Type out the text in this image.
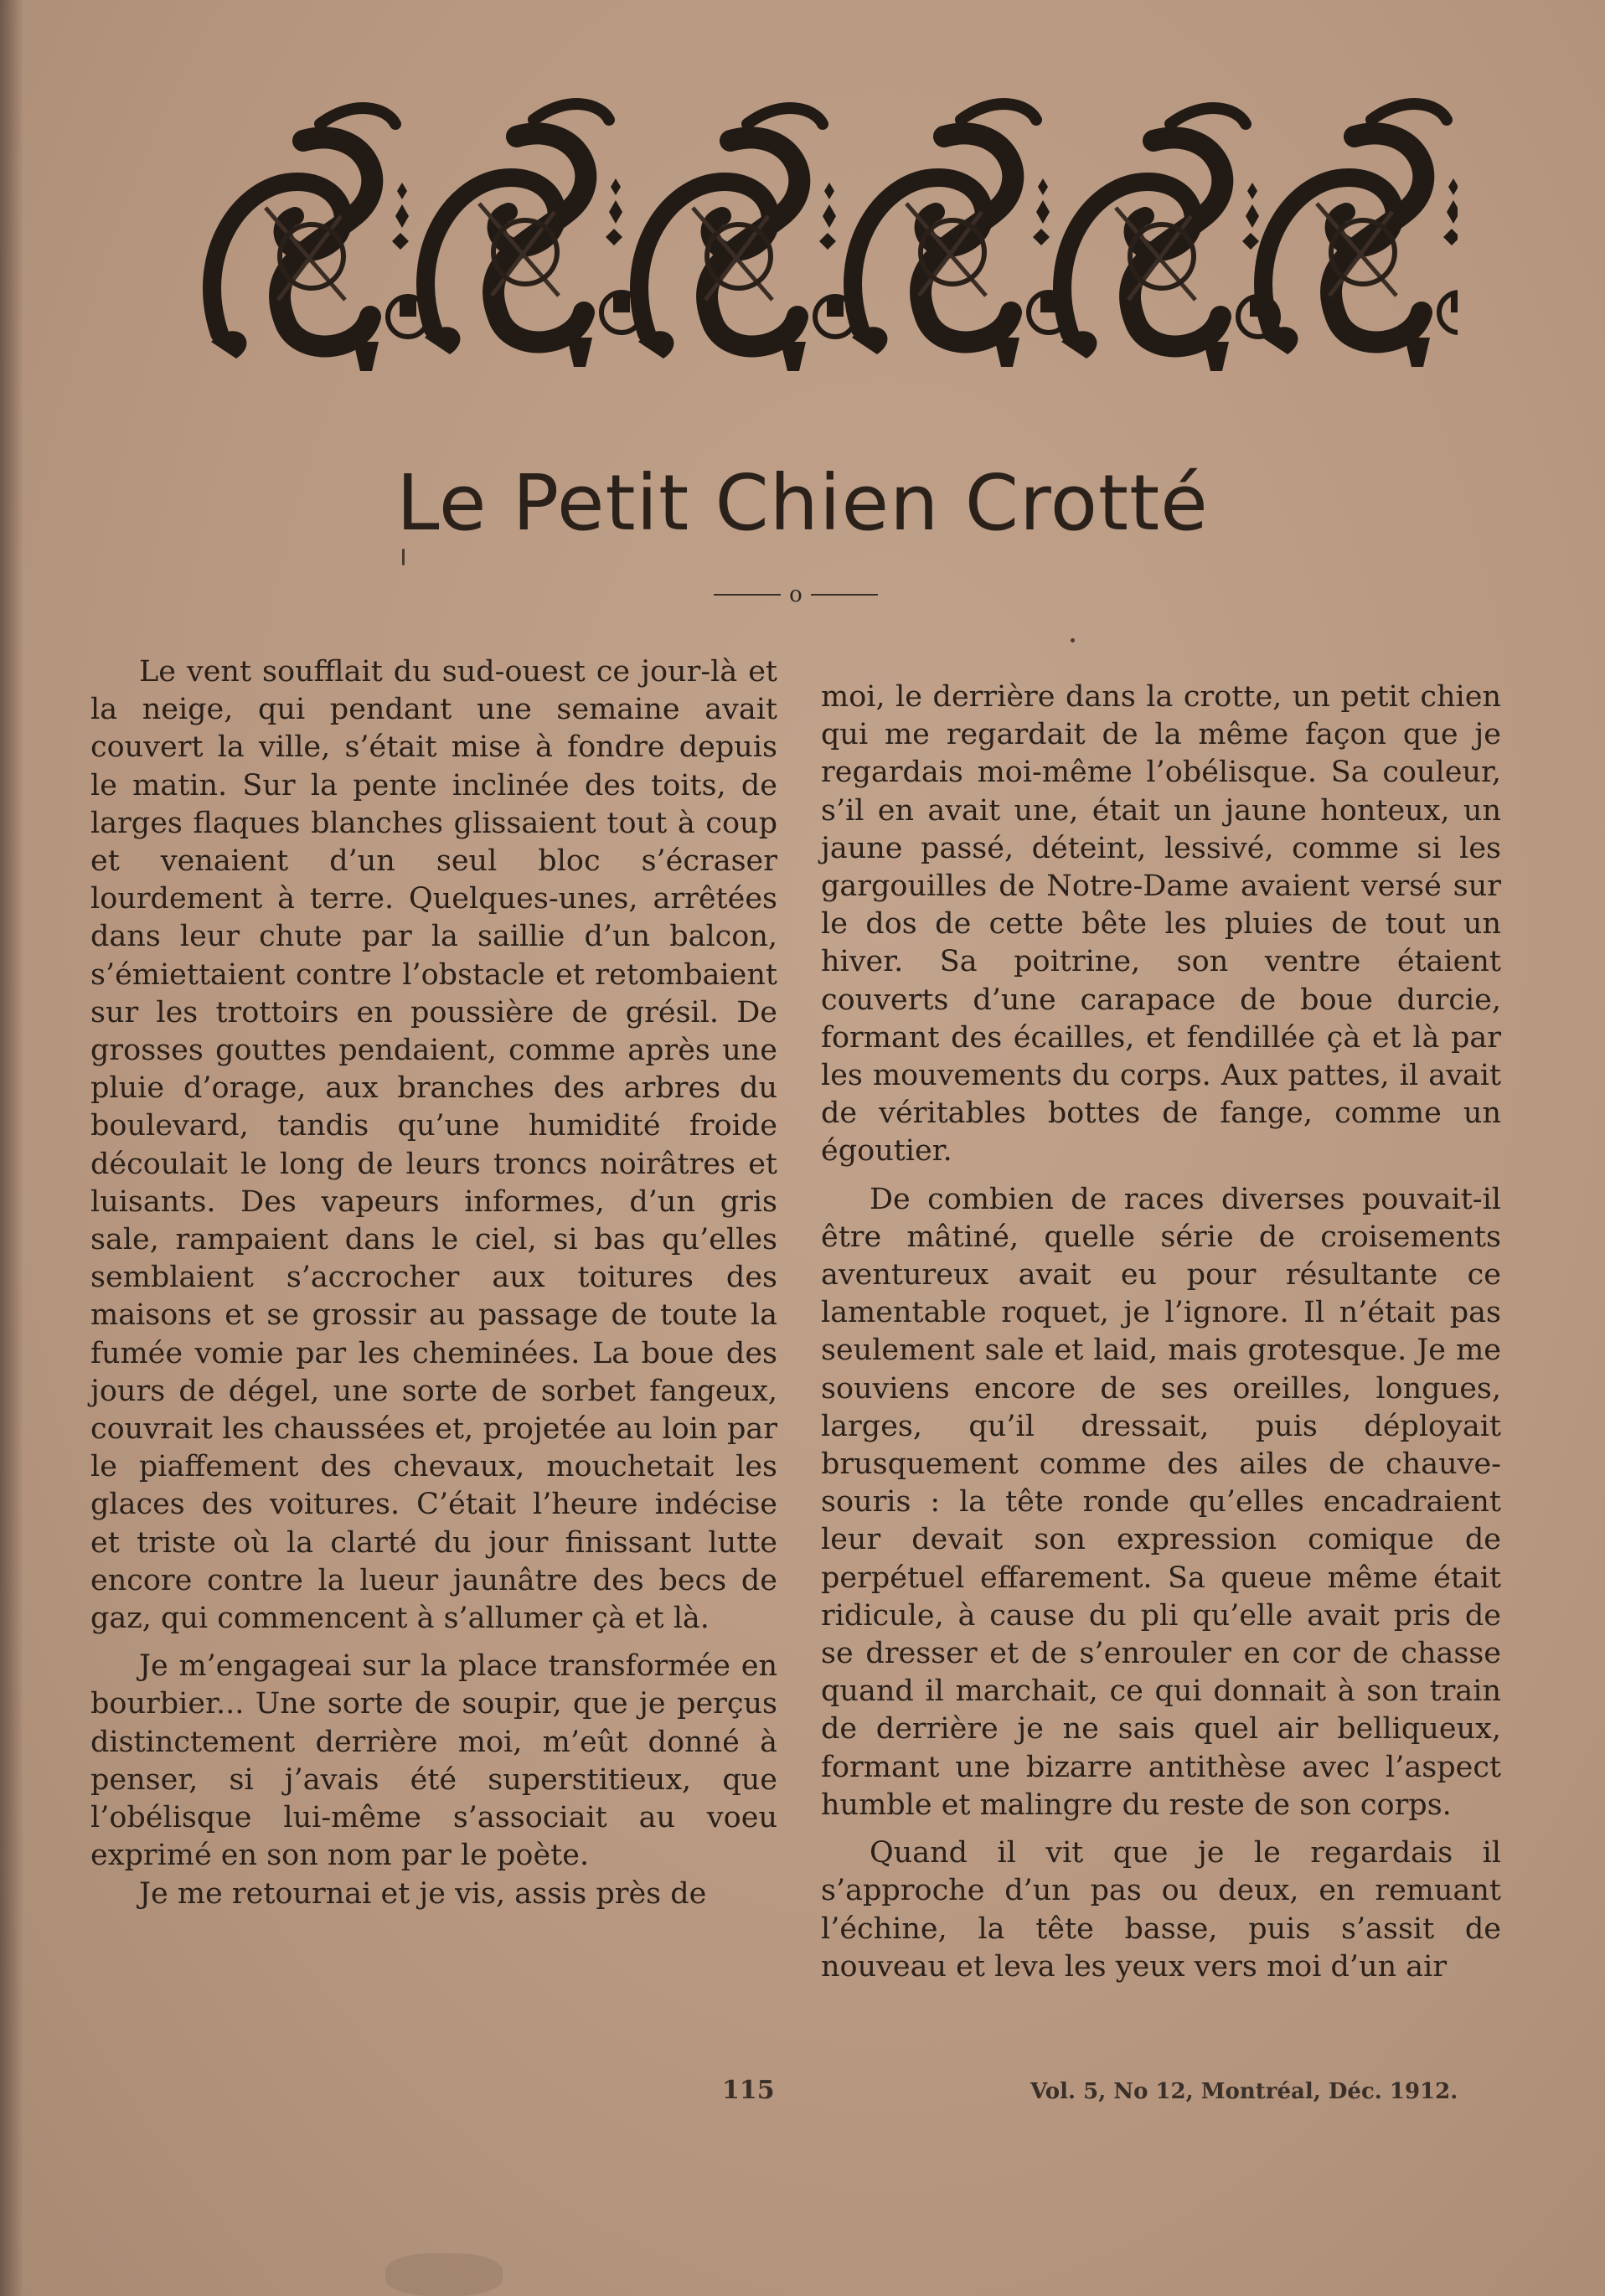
Le Petit Chien Crotté
o

Le vent soufflait du sud-ouest ce jour-là et la neige, qui pendant une semaine avait couvert la ville, s’était mise à fondre depuis le matin. Sur la pente inclinée des toits, de larges flaques blanches glissaient tout à coup et venaient d’un seul bloc s’écraser lourdement à terre. Quelques-unes, arrêtées dans leur chute par la saillie d’un balcon, s’émiettaient contre l’obstacle et retombaient sur les trottoirs en poussière de grésil. De grosses gouttes pendaient, comme après une pluie d’orage, aux branches des arbres du boulevard, tandis qu’une humidité froide découlait le long de leurs troncs noirâtres et luisants. Des vapeurs informes, d’un gris sale, rampaient dans le ciel, si bas qu’elles semblaient s’accrocher aux toitures des maisons et se grossir au passage de toute la fumée vomie par les cheminées. La boue des jours de dégel, une sorte de sorbet fangeux, couvrait les chaussées et, projetée au loin par le piaffement des chevaux, mouchetait les glaces des voitures. C’était l’heure indécise et triste où la clarté du jour finissant lutte encore contre la lueur jaunâtre des becs de gaz, qui commencent à s’allumer çà et là.

Je m’engageai sur la place transformée en bourbier... Une sorte de soupir, que je perçus distinctement derrière moi, m’eût donné à penser, si j’avais été superstitieux, que l’obélisque lui-même s’associait au voeu exprimé en son nom par le poète.

Je me retournai et je vis, assis près de

moi, le derrière dans la crotte, un petit chien qui me regardait de la même façon que je regardais moi-même l’obélisque. Sa couleur, s’il en avait une, était un jaune honteux, un jaune passé, déteint, lessivé, comme si les gargouilles de Notre-Dame avaient versé sur le dos de cette bête les pluies de tout un hiver. Sa poitrine, son ventre étaient couverts d’une carapace de boue durcie, formant des écailles, et fendillée çà et là par les mouvements du corps. Aux pattes, il avait de véritables bottes de fange, comme un égoutier.

De combien de races diverses pouvait-il être mâtiné, quelle série de croisements aventureux avait eu pour résultante ce lamentable roquet, je l’ignore. Il n’était pas seulement sale et laid, mais grotesque. Je me souviens encore de ses oreilles, longues, larges, qu’il dressait, puis déployait brusquement comme des ailes de chauve-souris : la tête ronde qu’elles encadraient leur devait son expression comique de perpétuel effarement. Sa queue même était ridicule, à cause du pli qu’elle avait pris de se dresser et de s’enrouler en cor de chasse quand il marchait, ce qui donnait à son train de derrière je ne sais quel air belliqueux, formant une bizarre antithèse avec l’aspect humble et malingre du reste de son corps.

Quand il vit que je le regardais il s’approche d’un pas ou deux, en remuant l’échine, la tête basse, puis s’assit de nouveau et leva les yeux vers moi d’un air

115	Vol. 5, No 12, Montréal, Déc. 1912.
